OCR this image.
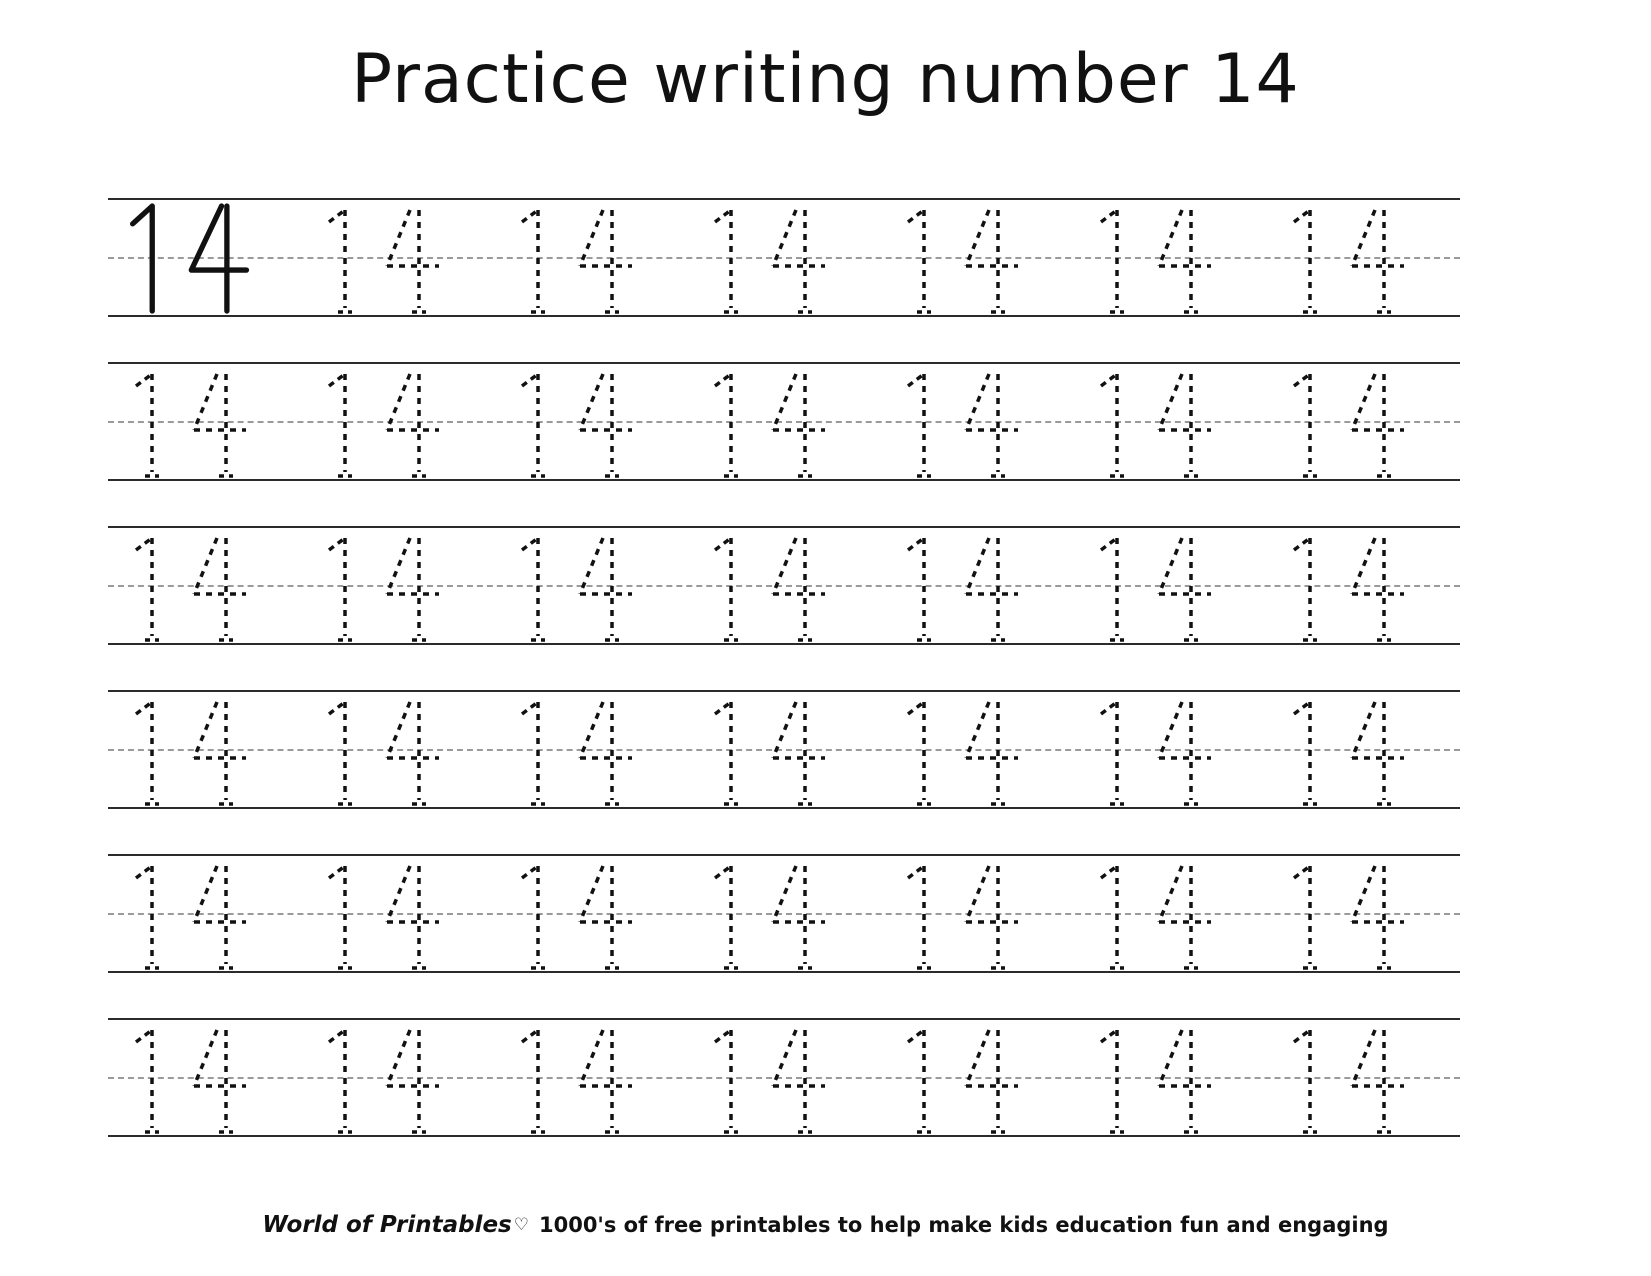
Practice writing number 14
World of Printables ♡ 1000's of free printables to help make kids education fun and engaging
